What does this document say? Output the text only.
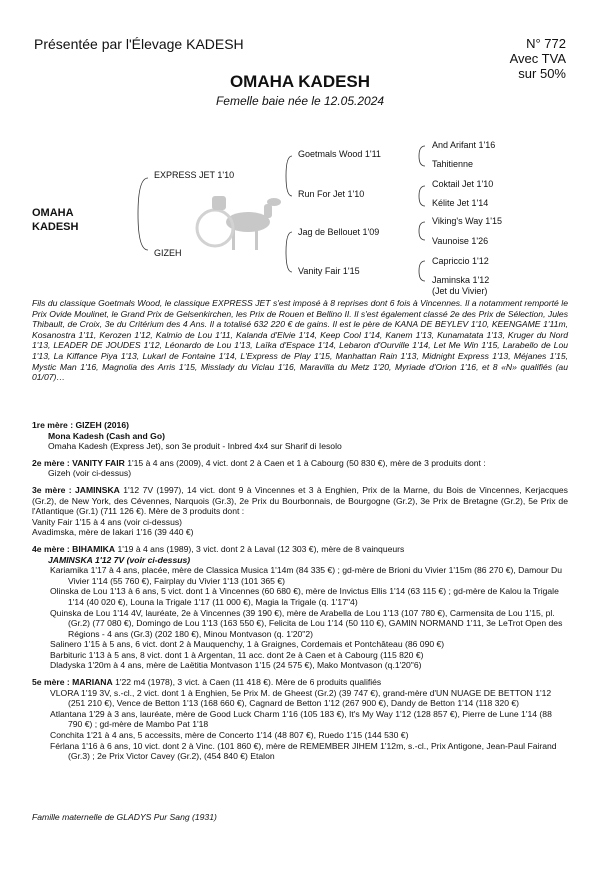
Présentée par l'Élevage KADESH	N° 772
Avec TVA
sur 50%
OMAHA KADESH
Femelle baie née le 12.05.2024
OMAHA
KADESH
EXPRESS JET 1'10
GIZEH
Goetmals Wood 1'11
Run For Jet 1'10
Jag de Bellouet 1'09
Vanity Fair 1'15
And Arifant 1'16
Tahitienne
Coktail Jet 1'10
Kélite Jet 1'14
Viking's Way 1'15
Vaunoise 1'26
Capriccio 1'12
Jaminska 1'12
(Jet du Vivier)
Fils du classique Goetmals Wood, le classique EXPRESS JET s'est imposé à 8 reprises dont 6 fois à Vincennes. Il a notamment remporté le Prix Ovide Moulinet, le Grand Prix de Gelsenkirchen, les Prix de Rouen et Bellino II. Il s'est également classé 2e des Prix de Sélection, Jules Thibault, de Croix, 3e du Critérium des 4 Ans. Il a totalisé 632 220 € de gains. Il est le père de KANA DE BEYLEV 1'10, KEENGAME 1'11m, Kosanostra 1'11, Kerozen 1'12, Kalmio de Lou 1'11, Kalanda d'Elvie 1'14, Keep Cool 1'14, Kanem 1'13, Kunamatata 1'13, Kruger du Nord 1'13, LEADER DE JOUDES 1'12, Léonardo de Lou 1'13, Laïka d'Espace 1'14, Lebaron d'Ourville 1'14, Let Me Win 1'15, Larabello de Lou 1'13, La Kiffance Piya 1'13, Lukarl de Fontaine 1'14, L'Express de Play 1'15, Manhattan Rain 1'13, Midnight Express 1'13, Méjanes 1'15, Mystic Man 1'16, Magnolia des Arris 1'15, Misslady du Viclau 1'16, Maravilla du Metz 1'20, Myriade d'Orion 1'16, et 8 «N» qualifiés (au 01/07)…
1re mère : GIZEH (2016)
Mona Kadesh (Cash and Go)
Omaha Kadesh (Express Jet), son 3e produit - Inbred 4x4 sur Sharif di Iesolo
2e mère : VANITY FAIR 1'15 à 4 ans (2009), 4 vict. dont 2 à Caen et 1 à Cabourg (50 830 €), mère de 3 produits dont :
Gizeh (voir ci-dessus)
3e mère : JAMINSKA 1'12 7V (1997), 14 vict. dont 9 à Vincennes et 3 à Enghien, Prix de la Marne, du Bois de Vincennes, Kerjacques (Gr.2), de New York, des Cévennes, Narquois (Gr.3), 2e Prix du Bourbonnais, de Bourgogne (Gr.2), 3e Prix de Bretagne (Gr.2), 5e Prix de l'Atlantique (Gr.1) (711 126 €). Mère de 3 produits dont :
Vanity Fair 1'15 à 4 ans (voir ci-dessus)
Avadimska, mère de Iakari 1'16 (39 440 €)
4e mère : BIHAMIKA 1'19 à 4 ans (1989), 3 vict. dont 2 à Laval (12 303 €), mère de 8 vainqueurs
JAMINSKA 1'12 7V (voir ci-dessus)
Kariamika 1'17 à 4 ans, placée, mère de Classica Musica 1'14m (84 335 €) ; gd-mère de Brioni du Vivier 1'15m (86 270 €), Damour Du Vivier 1'14 (55 760 €), Fairplay du Vivier 1'13 (101 365 €)
Olinska de Lou 1'13 à 6 ans, 5 vict. dont 1 à Vincennes (60 680 €), mère de Invictus Ellis 1'14 (63 115 €) ; gd-mère de Kalou la Trigale 1'14 (40 020 €), Louna la Trigale 1'17 (11 000 €), Magia la Trigale (q. 1'17"4)
Quinska de Lou 1'14 4V, lauréate, 2e à Vincennes (39 190 €), mère de Arabella de Lou 1'13 (107 780 €), Carmensita de Lou 1'15, pl. (Gr.2) (77 080 €), Domingo de Lou 1'13 (163 550 €), Felicita de Lou 1'14 (50 110 €), GAMIN NORMAND 1'11, 3e LeTrot Open des Régions - 4 ans (Gr.3) (202 180 €), Minou Montvason (q. 1'20"2)
Salinero 1'15 à 5 ans, 6 vict. dont 2 à Mauquenchy, 1 à Graignes, Cordemais et Pontchâteau (86 090 €)
Barbituric 1'13 à 5 ans, 8 vict. dont 1 à Argentan, 11 acc. dont 2e à Caen et à Cabourg (115 820 €)
Dladyska 1'20m à 4 ans, mère de Laëtitia Montvason 1'15 (24 575 €), Mako Montvason (q.1'20"6)
5e mère : MARIANA 1'22 m4 (1978), 3 vict. à Caen (11 418 €). Mère de 6 produits qualifiés
VLORA 1'19 3V, s.-cl., 2 vict. dont 1 à Enghien, 5e Prix M. de Gheest (Gr.2) (39 747 €), grand-mère d'UN NUAGE DE BETTON 1'12 (251 210 €), Vence de Betton 1'13 (168 660 €), Cagnard de Betton 1'12 (267 900 €), Dandy de Betton 1'14 (118 320 €)
Atlantana 1'29 à 3 ans, lauréate, mère de Good Luck Charm 1'16 (105 183 €), It's My Way 1'12 (128 857 €), Pierre de Lune 1'14 (88 790 €) ; gd-mère de Mambo Pat 1'18
Conchita 1'21 à 4 ans, 5 accessits, mère de Concerto 1'14 (48 807 €), Ruedo 1'15 (144 530 €)
Férlana 1'16 à 6 ans, 10 vict. dont 2 à Vinc. (101 860 €), mère de REMEMBER JIHEM 1'12m, s.-cl., Prix Antigone, Jean-Paul Fairand (Gr.3) ; 2e Prix Victor Cavey (Gr.2), (454 840 €) Etalon
Famille maternelle de GLADYS Pur Sang (1931)
